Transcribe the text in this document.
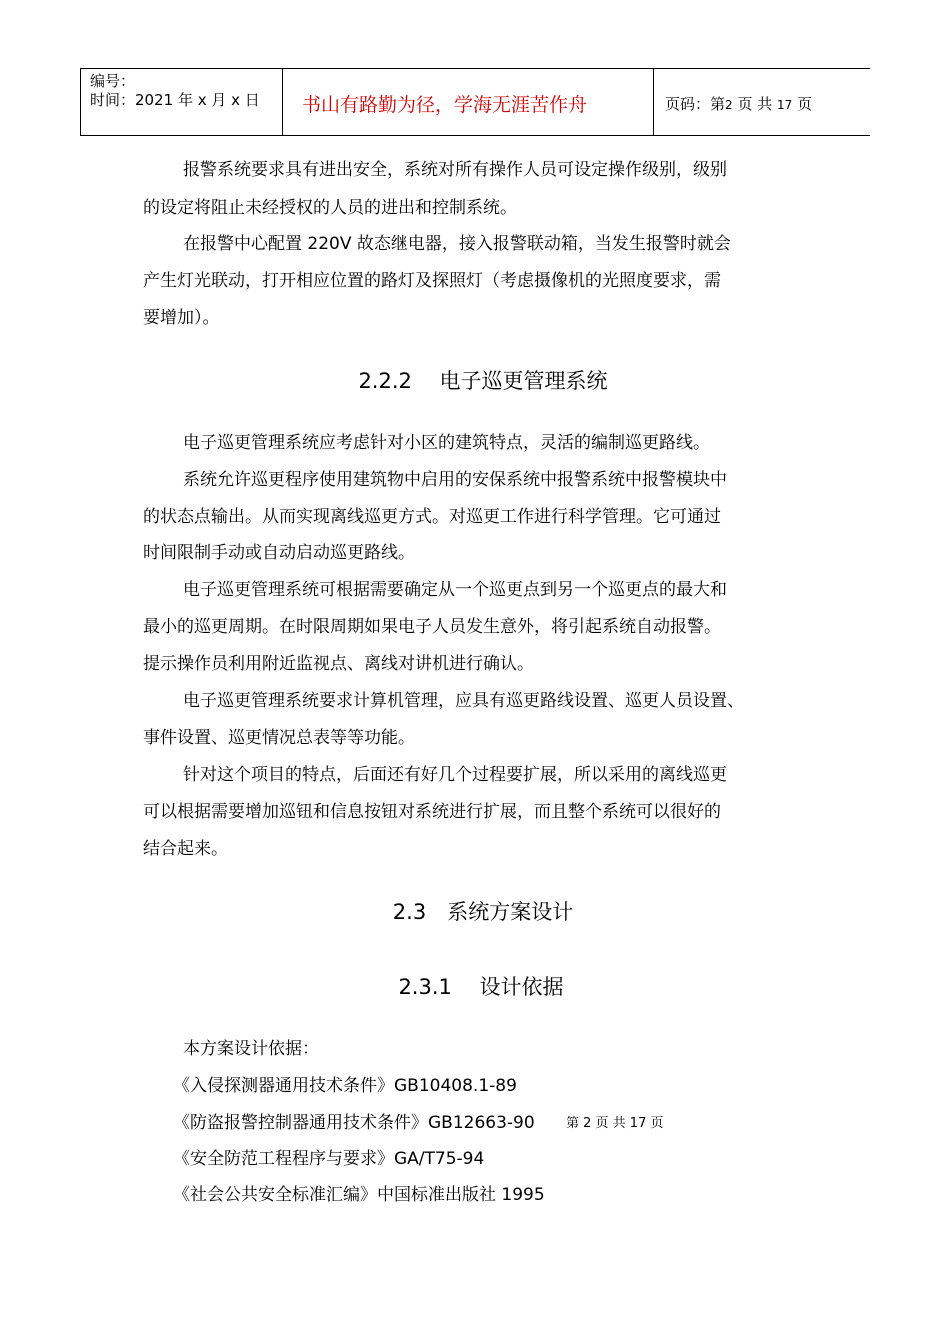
编号：
时间：2021 年 x 月 x 日 书山有路勤为径，学海无涯苦作舟	页码：第2 页 共 17 页
报警系统要求具有进出安全，系统对所有操作人员可设定操作级别，级别
的设定将阻止未经授权的人员的进出和控制系统。
在报警中心配置 220V 故态继电器，接入报警联动箱，当发生报警时就会
产生灯光联动，打开相应位置的路灯及探照灯（考虑摄像机的光照度要求，需
要增加）。
2.2.2　 电子巡更管理系统
电子巡更管理系统应考虑针对小区的建筑特点，灵活的编制巡更路线。
系统允许巡更程序使用建筑物中启用的安保系统中报警系统中报警模块中
的状态点输出。从而实现离线巡更方式。对巡更工作进行科学管理。它可通过
时间限制手动或自动启动巡更路线。
电子巡更管理系统可根据需要确定从一个巡更点到另一个巡更点的最大和
最小的巡更周期。在时限周期如果电子人员发生意外，将引起系统自动报警。
提示操作员利用附近监视点、离线对讲机进行确认。
电子巡更管理系统要求计算机管理，应具有巡更路线设置、巡更人员设置、
事件设置、巡更情况总表等等功能。
针对这个项目的特点，后面还有好几个过程要扩展，所以采用的离线巡更
可以根据需要增加巡钮和信息按钮对系统进行扩展，而且整个系统可以很好的
结合起来。
2.3　系统方案设计
2.3.1　 设计依据
本方案设计依据：
《入侵探测器通用技术条件》GB10408.1-89
《防盗报警控制器通用技术条件》GB12663-90
《安全防范工程程序与要求》GA/T75-94
《社会公共安全标准汇编》中国标准出版社 1995
第 2 页 共 17 页
